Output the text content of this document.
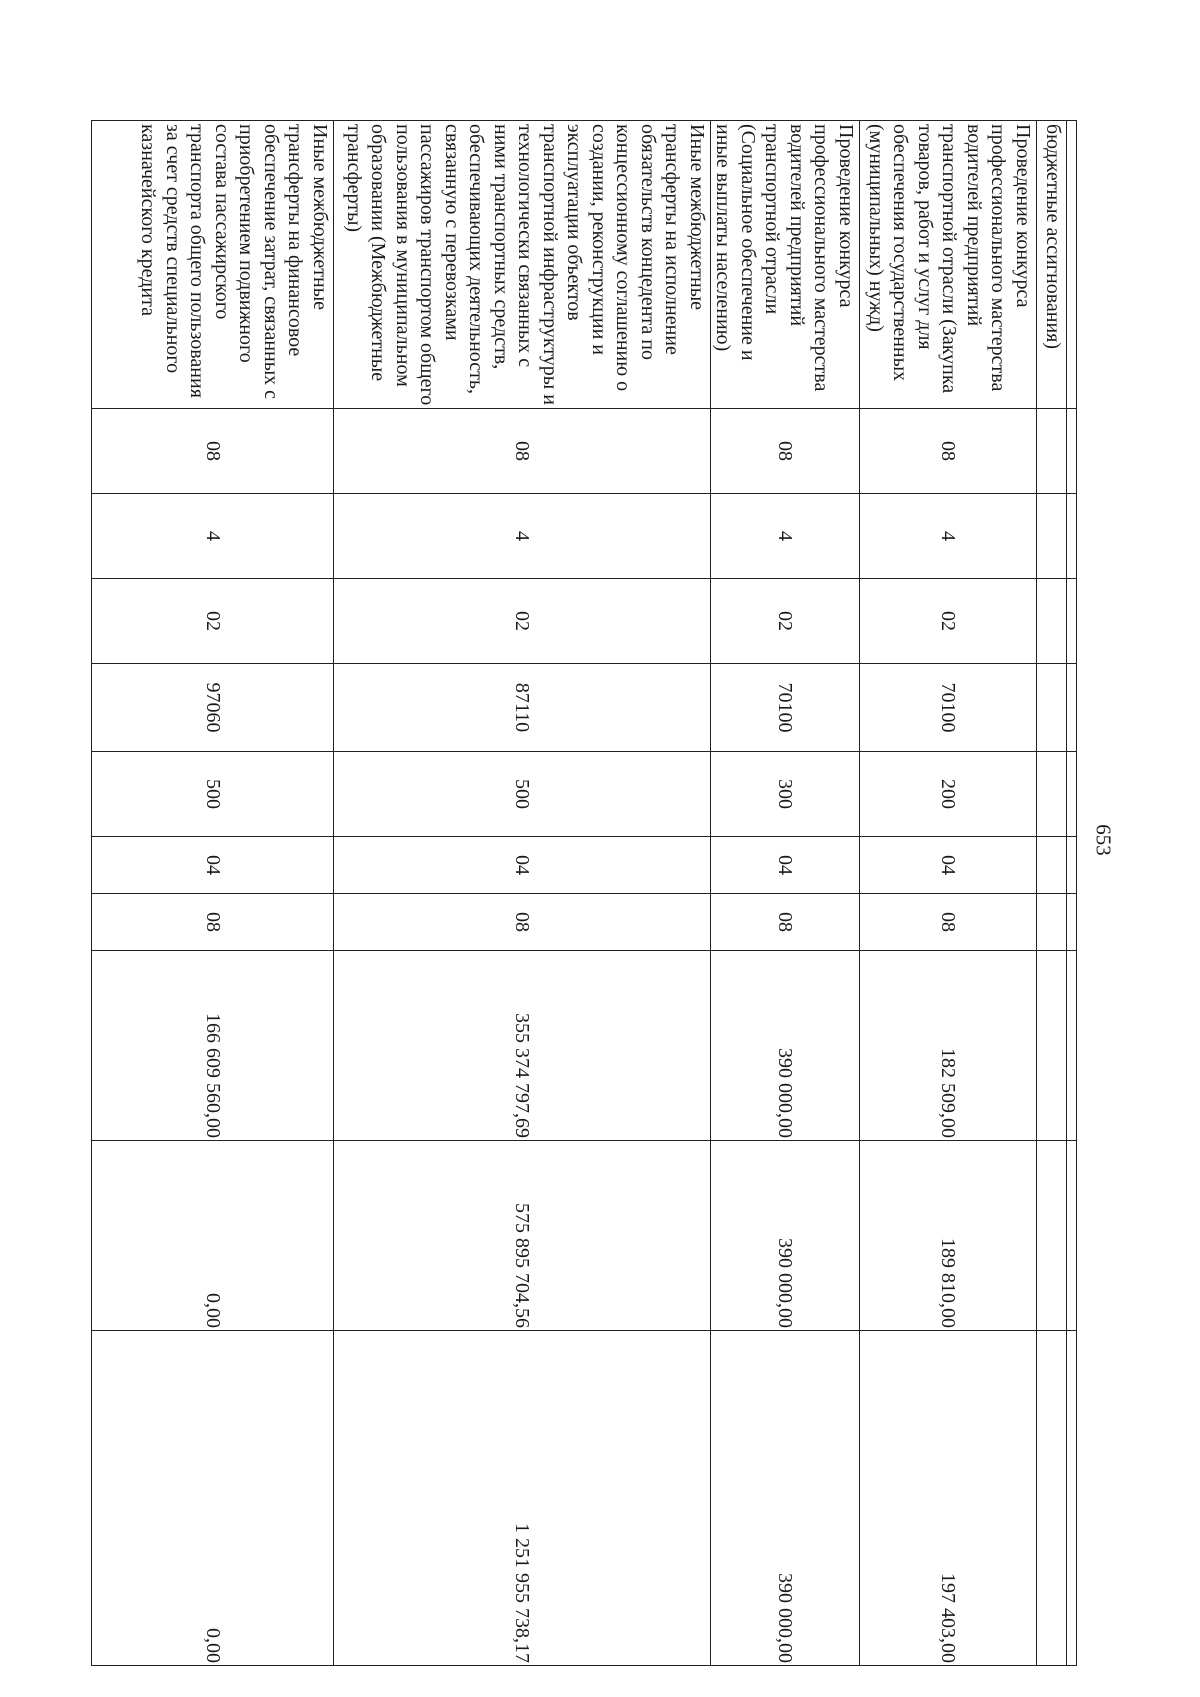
653

бюджетные ассигнования)										
Проведение конкурса профессионального мастерства водителей предприятий транспортной отрасли (Закупка товаров, работ и услуг для обеспечения государственных (муниципальных) нужд)	08	4	02	70100	200	04	08	182 509,00	189 810,00	197 403,00
Проведение конкурса профессионального мастерства водителей предприятий транспортной отрасли (Социальное обеспечение и иные выплаты населению)	08	4	02	70100	300	04	08	390 000,00	390 000,00	390 000,00
Иные межбюджетные трансферты на исполнение обязательств концедента по концессионному соглашению о создании, реконструкции и эксплуатации объектов транспортной инфраструктуры и технологически связанных с ними транспортных средств, обеспечивающих деятельность, связанную с перевозками пассажиров транспортом общего пользования в муниципальном образовании (Межбюджетные трансферты)	08	4	02	87110	500	04	08	355 374 797,69	575 895 704,56	1 251 955 738,17
Иные межбюджетные трансферты на финансовое обеспечение затрат, связанных с приобретением подвижного состава пассажирского транспорта общего пользования за счет средств специального казначейского кредита	08	4	02	97060	500	04	08	166 609 560,00	0,00	0,00
